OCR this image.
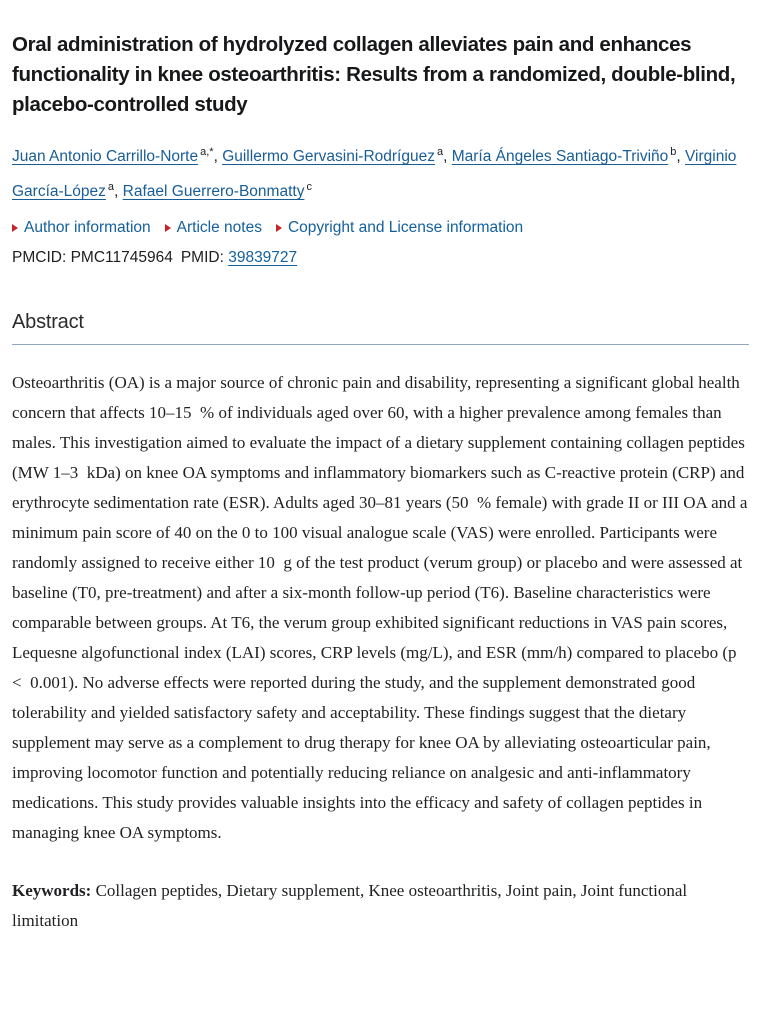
Oral administration of hydrolyzed collagen alleviates pain and enhances functionality in knee osteoarthritis: Results from a randomized, double-blind, placebo-controlled study

Juan Antonio Carrillo-Norte $^{a,*}$, Guillermo Gervasini-Rodríguez $^a$, María Ángeles Santiago-Triviño $^b$, Virginio García-López $^a$, Rafael Guerrero-Bonmatty $^c$

Author information Article notes Copyright and License information
PMCID: PMC11745964 PMID: 39839727
Abstract

Osteoarthritis (OA) is a major source of chronic pain and disability, representing a significant global health concern that affects 10–15  % of individuals aged over 60, with a higher prevalence among females than males. This investigation aimed to evaluate the impact of a dietary supplement containing collagen peptides (MW 1–3  kDa) on knee OA symptoms and inflammatory biomarkers such as C-reactive protein (CRP) and erythrocyte sedimentation rate (ESR). Adults aged 30–81 years (50  % female) with grade II or III OA and a minimum pain score of 40 on the 0 to 100 visual analogue scale (VAS) were enrolled. Participants were randomly assigned to receive either 10  g of the test product (verum group) or placebo and were assessed at baseline (T0, pre-treatment) and after a six-month follow-up period (T6). Baseline characteristics were comparable between groups. At T6, the verum group exhibited significant reductions in VAS pain scores, Lequesne algofunctional index (LAI) scores, CRP levels (mg/L), and ESR (mm/h) compared to placebo (p  <  0.001). No adverse effects were reported during the study, and the supplement demonstrated good tolerability and yielded satisfactory safety and acceptability. These findings suggest that the dietary supplement may serve as a complement to drug therapy for knee OA by alleviating osteoarticular pain, improving locomotor function and potentially reducing reliance on analgesic and anti-inflammatory medications. This study provides valuable insights into the efficacy and safety of collagen peptides in managing knee OA symptoms.

Keywords: Collagen peptides, Dietary supplement, Knee osteoarthritis, Joint pain, Joint functional limitation
